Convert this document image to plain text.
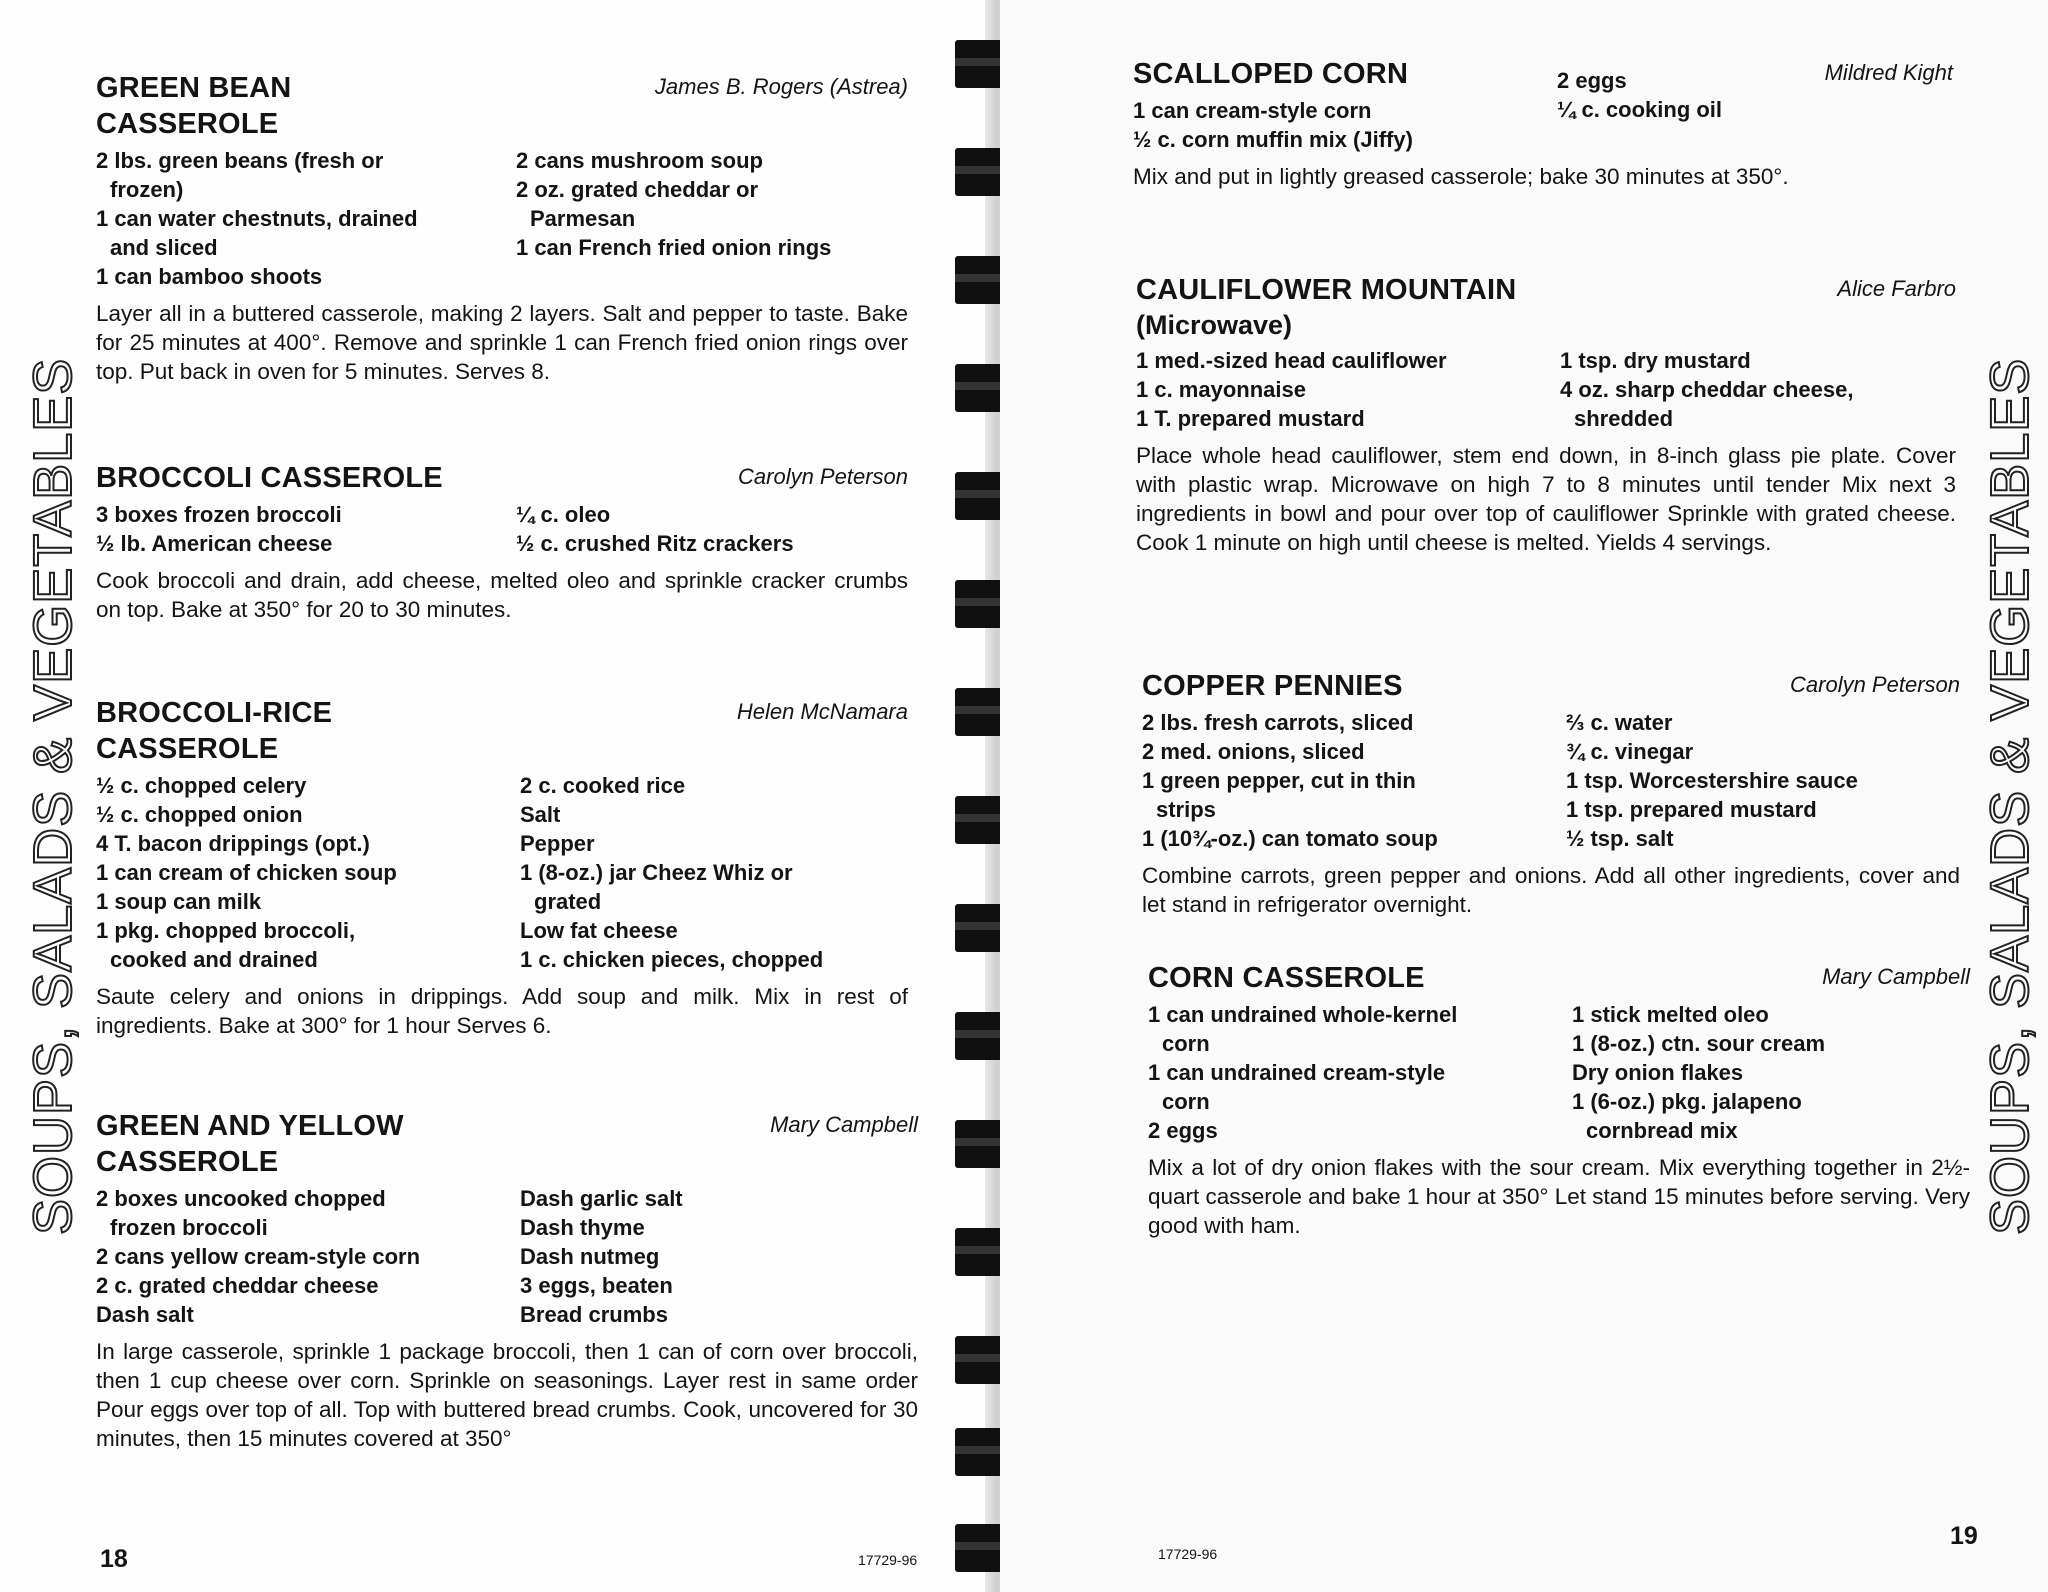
SOUPS, SALADS & VEGETABLES
GREEN BEAN
CASSEROLE
James B. Rogers (Astrea)
2 lbs. green beans (fresh or
frozen)
1 can water chestnuts, drained
and sliced
1 can bamboo shoots
2 cans mushroom soup
2 oz. grated cheddar or
Parmesan
1 can French fried onion rings

Layer all in a buttered casserole, making 2 layers. Salt and pepper to taste. Bake for 25 minutes at 400°. Remove and sprinkle 1 can French fried onion rings over top. Put back in oven for 5 minutes. Serves 8.

BROCCOLI CASSEROLE	Carolyn Peterson
3 boxes frozen broccoli
½ lb. American cheese
¼ c. oleo
½ c. crushed Ritz crackers

Cook broccoli and drain, add cheese, melted oleo and sprinkle cracker crumbs on top. Bake at 350° for 20 to 30 minutes.

BROCCOLI-RICE
CASSEROLE
Helen McNamara
½ c. chopped celery
½ c. chopped onion
4 T. bacon drippings (opt.)
1 can cream of chicken soup
1 soup can milk
1 pkg. chopped broccoli,
cooked and drained
2 c. cooked rice
Salt
Pepper
1 (8-oz.) jar Cheez Whiz or
grated
Low fat cheese
1 c. chicken pieces, chopped

Saute celery and onions in drippings. Add soup and milk. Mix in rest of ingredients. Bake at 300° for 1 hour Serves 6.

GREEN AND YELLOW
CASSEROLE
Mary Campbell
2 boxes uncooked chopped
frozen broccoli
2 cans yellow cream-style corn
2 c. grated cheddar cheese
Dash salt
Dash garlic salt
Dash thyme
Dash nutmeg
3 eggs, beaten
Bread crumbs

In large casserole, sprinkle 1 package broccoli, then 1 can of corn over broccoli, then 1 cup cheese over corn. Sprinkle on seasonings. Layer rest in same order Pour eggs over top of all. Top with buttered bread crumbs. Cook, uncovered for 30 minutes, then 15 minutes covered at 350°

18	17729-96
SOUPS, SALADS & VEGETABLES
SCALLOPED CORN	Mildred Kight
1 can cream-style corn
½ c. corn muffin mix (Jiffy)
2 eggs
¼ c. cooking oil

Mix and put in lightly greased casserole; bake 30 minutes at 350°.

CAULIFLOWER MOUNTAIN
(Microwave)
Alice Farbro
1 med.-sized head cauliflower
1 c. mayonnaise
1 T. prepared mustard
1 tsp. dry mustard
4 oz. sharp cheddar cheese,
shredded

Place whole head cauliflower, stem end down, in 8-inch glass pie plate. Cover with plastic wrap. Microwave on high 7 to 8 minutes until tender Mix next 3 ingredients in bowl and pour over top of cauliflower Sprinkle with grated cheese. Cook 1 minute on high until cheese is melted. Yields 4 servings.

COPPER PENNIES	Carolyn Peterson
2 lbs. fresh carrots, sliced
2 med. onions, sliced
1 green pepper, cut in thin
strips
1 (10¾-oz.) can tomato soup
⅔ c. water
¾ c. vinegar
1 tsp. Worcestershire sauce
1 tsp. prepared mustard
½ tsp. salt

Combine carrots, green pepper and onions. Add all other ingredients, cover and let stand in refrigerator overnight.

CORN CASSEROLE	Mary Campbell
1 can undrained whole-kernel
corn
1 can undrained cream-style
corn
2 eggs
1 stick melted oleo
1 (8-oz.) ctn. sour cream
Dry onion flakes
1 (6-oz.) pkg. jalapeno
cornbread mix

Mix a lot of dry onion flakes with the sour cream. Mix everything together in 2½-quart casserole and bake 1 hour at 350° Let stand 15 minutes before serving. Very good with ham.

17729-96
19
